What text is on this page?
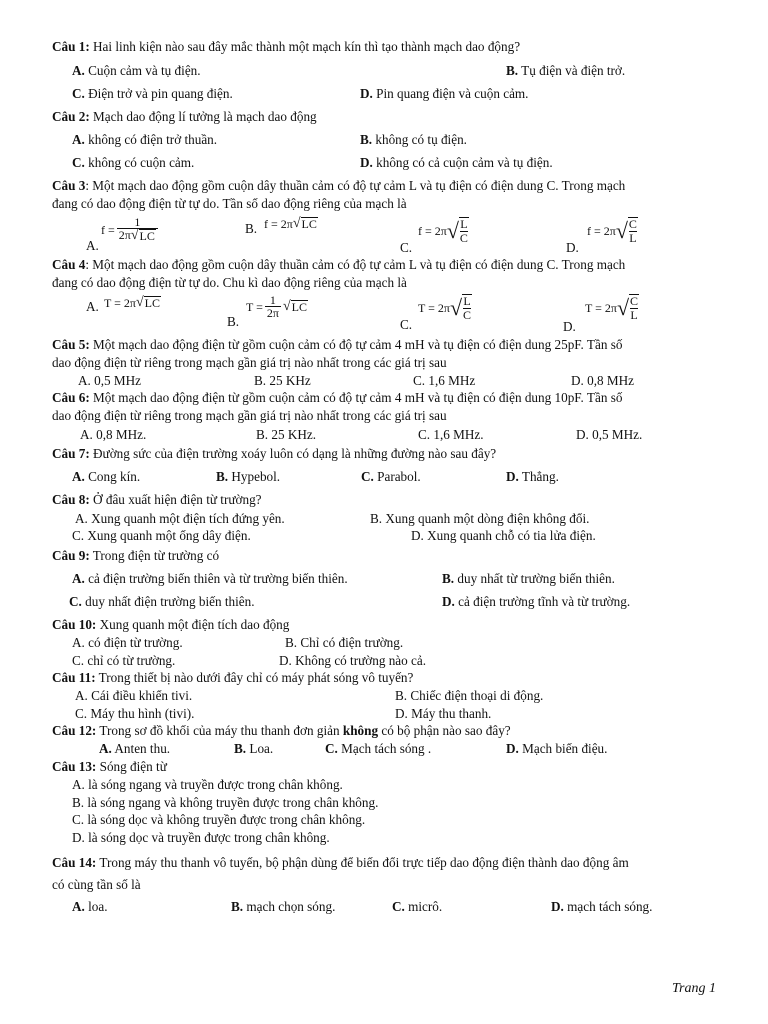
Câu 1: Hai linh kiện nào sau đây mắc thành một mạch kín thì tạo thành mạch dao động?
A. Cuộn cảm và tụ điện.	B. Tụ điện và điện trở.
C. Điện trở và pin quang điện.	D. Pin quang điện và cuộn cảm.
Câu 2: Mạch dao động lí tưởng là mạch dao động
A. không có điện trở thuần.	B. không có tụ điện.
C. không có cuộn cảm.	D. không có cả cuộn cảm và tụ điện.
Câu 3: Một mạch dao động gồm cuộn dây thuần cảm có độ tự cảm L và tụ điện có điện dung C. Trong mạch
đang có dao động điện từ tự do. Tần số dao động riêng của mạch là
A.
$f = \frac{1}{2\pi √ LC}$	B. f = 2π √ LC
C.
f = 2π √ L
C
D.
f = 2π √ C
L
Câu 4: Một mạch dao động gồm cuộn dây thuần cảm có độ tự cảm L và tụ điện có điện dung C. Trong mạch
đang có dao động điện từ tự do. Chu kì dao động riêng của mạch là
A. T = 2π √ LC
B.
$T = \frac{1}{2\pi}$ √ LC
C.
T = 2π √ L
C
D.
T = 2π √ C
L
Câu 5: Một mạch dao động điện từ gồm cuộn cảm có độ tự cảm 4 mH và tụ điện có điện dung 25pF. Tần số
dao động điện từ riêng trong mạch gần giá trị nào nhất trong các giá trị sau
A. 0,5 MHz	B. 25 KHz	C. 1,6 MHz	D. 0,8 MHz
Câu 6: Một mạch dao động điện từ gồm cuộn cảm có độ tự cảm 4 mH và tụ điện có điện dung 10pF. Tần số
dao động điện từ riêng trong mạch gần giá trị nào nhất trong các giá trị sau
A. 0,8 MHz.	B. 25 KHz.	C. 1,6 MHz.	D. 0,5 MHz.
Câu 7: Đường sức của điện trường xoáy luôn có dạng là những đường nào sau đây?
A. Cong kín.	B. Hypebol.	C. Parabol.	D. Thẳng.
Câu 8: Ở đâu xuất hiện điện từ trường?
A. Xung quanh một điện tích đứng yên.	B. Xung quanh một dòng điện không đổi.
C. Xung quanh một ống dây điện.	D. Xung quanh chỗ có tia lửa điện.
Câu 9: Trong điện từ trường có
A. cả điện trường biến thiên và từ trường biến thiên.	B. duy nhất từ trường biến thiên.
C. duy nhất điện trường biến thiên.	D. cả điện trường tĩnh và từ trường.
Câu 10: Xung quanh một điện tích dao động
A. có điện từ trường.	B. Chỉ có điện trường.
C. chỉ có từ trường.	D. Không có trường nào cả.
Câu 11: Trong thiết bị nào dưới đây chỉ có máy phát sóng vô tuyến?
A. Cái điều khiển tivi.	B. Chiếc điện thoại di động.
C. Máy thu hình (tivi).	D. Máy thu thanh.
Câu 12: Trong sơ đồ khối của máy thu thanh đơn giản không có bộ phận nào sao đây?
A. Anten thu.	B. Loa.	C. Mạch tách sóng .	D. Mạch biến điệu.
Câu 13: Sóng điện từ
A. là sóng ngang và truyền được trong chân không.
B. là sóng ngang và không truyền được trong chân không.
C. là sóng dọc và không truyền được trong chân không.
D. là sóng dọc và truyền được trong chân không.
Câu 14: Trong máy thu thanh vô tuyến, bộ phận dùng để biến đổi trực tiếp dao động điện thành dao động âm
có cùng tần số là
A. loa.	B. mạch chọn sóng.	C. micrô.	D. mạch tách sóng.
Trang 1
